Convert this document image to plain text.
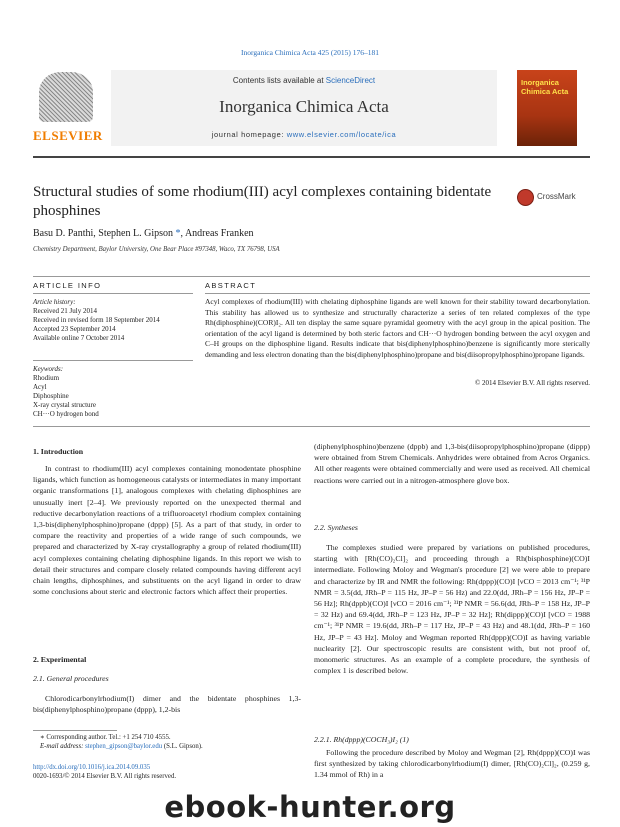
Inorganica Chimica Acta 425 (2015) 176–181
ELSEVIER
Contents lists available at ScienceDirect
Inorganica Chimica Acta
journal homepage: www.elsevier.com/locate/ica
Inorganica Chimica Acta
Structural studies of some rhodium(III) acyl complexes containing bidentate phosphines
CrossMark
Basu D. Panthi, Stephen L. Gipson *, Andreas Franken
Chemistry Department, Baylor University, One Bear Place #97348, Waco, TX 76798, USA
ARTICLE INFO	ABSTRACT
Article history:
Received 21 July 2014
Received in revised form 18 September 2014
Accepted 23 September 2014
Available online 7 October 2014
Keywords:
Rhodium
Acyl
Diphosphine
X-ray crystal structure
CH···O hydrogen bond
Acyl complexes of rhodium(III) with chelating diphosphine ligands are well known for their stability toward decarbonylation. This stability has allowed us to synthesize and structurally characterize a series of ten related complexes of the type Rh(diphosphine)(COR)I₂. All ten display the same square pyramidal geometry with the acyl group in the apical position. The orientation of the acyl ligand is determined by both steric factors and CH···O hydrogen bonding between the acyl oxygen and C–H groups on the diphosphine ligand. Results indicate that bis(diphenylphosphino)benzene is significantly more sterically demanding and less electron donating than the bis(diphenylphosphino)propane and bis(diisopropylphosphino)propane ligands.
© 2014 Elsevier B.V. All rights reserved.
1. Introduction
In contrast to rhodium(III) acyl complexes containing monodentate phosphine ligands, which function as homogeneous catalysts or intermediates in many important organic transformations [1], analogous complexes with chelating diphosphines are unusually inert [2–4]. We previously reported on the unexpected thermal and reductive decarbonylation reactions of a trifluoroacetyl rhodium complex containing 1,3-bis(diphenylphosphino)propane (dppp) [5]. As a part of that study, in order to compare the reactivity and properties of a wide range of such compounds, we prepared and characterized by X-ray crystallography a group of related rhodium(III) acyl complexes containing chelating diphosphine ligands. In this report we wish to detail their structures and compare closely related compounds having different acyl chain lengths, diphosphines, and substituents on the acyl ligand in order to draw some conclusions about steric and electronic factors which affect their properties.
2. Experimental
2.1. General procedures
Chlorodicarbonylrhodium(I) dimer and the bidentate phosphines 1,3-bis(diphenylphosphino)propane (dppp), 1,2-bis
∗ Corresponding author. Tel.: +1 254 710 4555.
E-mail address: stephen_gipson@baylor.edu (S.L. Gipson).
http://dx.doi.org/10.1016/j.ica.2014.09.035
0020-1693/© 2014 Elsevier B.V. All rights reserved.
(diphenylphosphino)benzene (dppb) and 1,3-bis(diisopropylphosphino)propane (dippp) were obtained from Strem Chemicals. Anhydrides were obtained from Acros Organics. All other reagents were obtained commercially and were used as received. All chemical reactions were carried out in a nitrogen-atmosphere glove box.
2.2. Syntheses
The complexes studied were prepared by variations on published procedures, starting with [Rh(CO)₂Cl]₂ and proceeding through a Rh(bisphosphine)(CO)I intermediate. Following Moloy and Wegman's procedure [2] we were able to prepare and characterize by IR and NMR the following: Rh(dppp)(CO)I [νCO = 2013 cm⁻¹; ³¹P NMR = 3.5(dd, JRh–P = 115 Hz, JP–P = 56 Hz) and 22.0(dd, JRh–P = 156 Hz, JP–P = 56 Hz]; Rh(dppb)(CO)I [νCO = 2016 cm⁻¹; ³¹P NMR = 56.6(dd, JRh–P = 158 Hz, JP–P = 32 Hz) and 69.4(dd, JRh–P = 123 Hz, JP–P = 32 Hz]; Rh(dippp)(CO)I [νCO = 1988 cm⁻¹; ³¹P NMR = 19.6(dd, JRh–P = 117 Hz, JP–P = 43 Hz) and 48.1(dd, JRh–P = 160 Hz, JP–P = 43 Hz]. Moloy and Wegman reported Rh(dppp)(CO)I as having variable nuclearity [2]. Our spectroscopic results are consistent with, but not proof of, monomeric structures. As an example of a complete procedure, the synthesis of complex 1 is described below.
2.2.1. Rh(dppp)(COCH₃)I₂ (1)
Following the procedure described by Moloy and Wegman [2], Rh(dppp)(CO)I was first synthesized by taking chlorodicarbonylrhodium(I) dimer, [Rh(CO)₂Cl]₂, (0.259 g, 1.34 mmol of Rh) in a
ebook-hunter.org
